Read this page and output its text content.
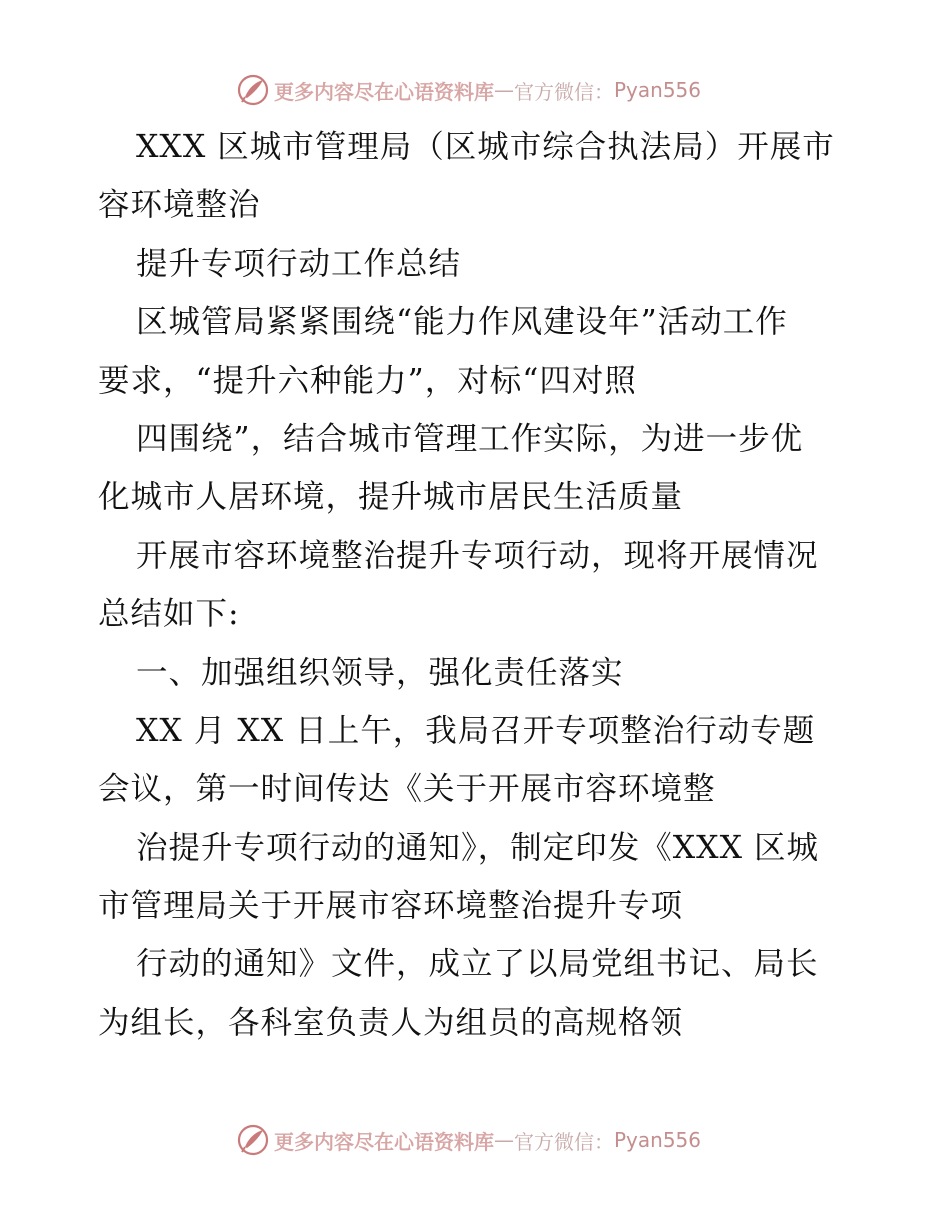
更多内容尽在心语资料库 — 官方微信： Pyan556
XXX 区城市管理局（区城市综合执法局）开展市
容环境整治
提升专项行动工作总结
区城管局紧紧围绕“能力作风建设年”活动工作
要求，“提升六种能力”，对标“四对照
四围绕”，结合城市管理工作实际，为进一步优
化城市人居环境，提升城市居民生活质量
开展市容环境整治提升专项行动，现将开展情况
总结如下:
一、加强组织领导，强化责任落实
XX 月 XX 日上午，我局召开专项整治行动专题
会议，第一时间传达《关于开展市容环境整
治提升专项行动的通知》，制定印发《XXX 区城
市管理局关于开展市容环境整治提升专项
行动的通知》文件，成立了以局党组书记、局长
为组长，各科室负责人为组员的高规格领
更多内容尽在心语资料库 — 官方微信： Pyan556
